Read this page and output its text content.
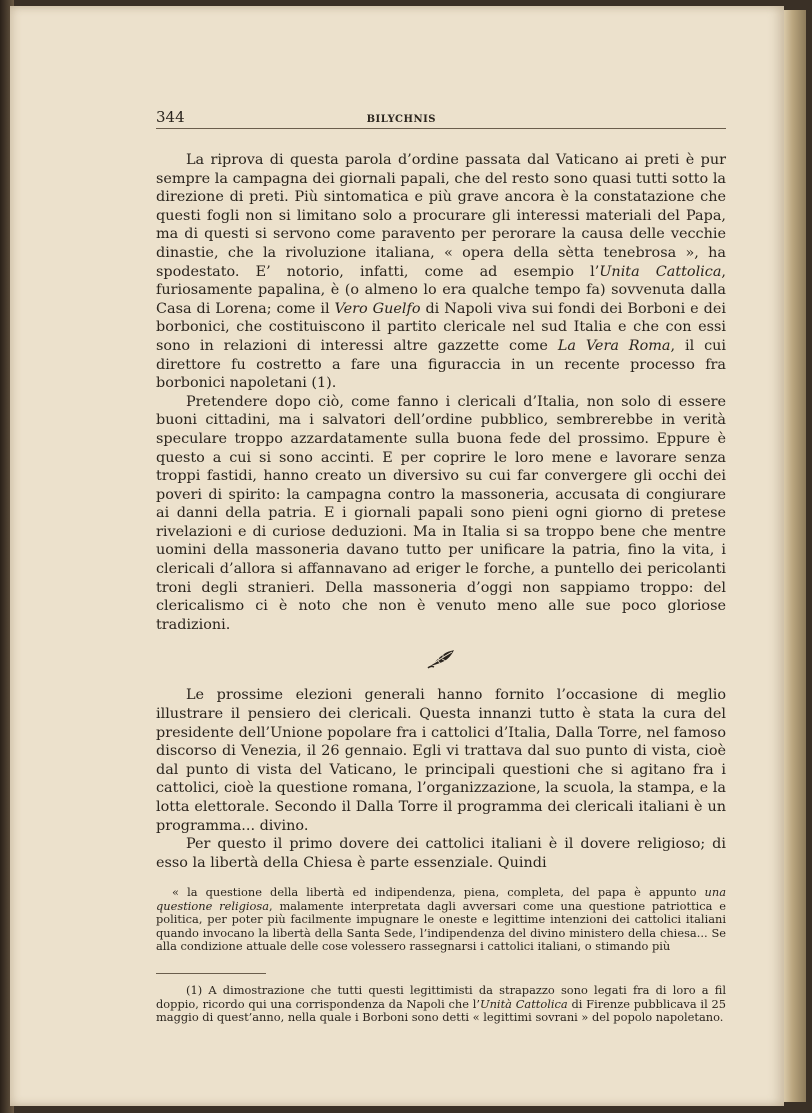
344	BILYCHNIS

La riprova di questa parola d’ordine passata dal Vaticano ai preti è pur sempre la campagna dei giornali papali, che del resto sono quasi tutti sotto la direzione di preti. Più sintomatica e più grave ancora è la constatazione che questi fogli non si limitano solo a procurare gli interessi materiali del Papa, ma di questi si servono come paravento per perorare la causa delle vecchie dinastie, che la rivoluzione italiana, « opera della sètta tenebrosa », ha spodestato. E’ notorio, infatti, come ad esempio l’Unita Cattolica, furiosamente papalina, è (o almeno lo era qualche tempo fa) sovvenuta dalla Casa di Lorena; come il Vero Guelfo di Napoli viva sui fondi dei Borboni e dei borbonici, che costituiscono il partito clericale nel sud Italia e che con essi sono in relazioni di interessi altre gazzette come La Vera Roma, il cui direttore fu costretto a fare una figuraccia in un recente processo fra borbonici napoletani (1).

Pretendere dopo ciò, come fanno i clericali d’Italia, non solo di essere buoni cittadini, ma i salvatori dell’ordine pubblico, sembrerebbe in verità speculare troppo azzardatamente sulla buona fede del prossimo. Eppure è questo a cui si sono accinti. E per coprire le loro mene e lavorare senza troppi fastidi, hanno creato un diversivo su cui far convergere gli occhi dei poveri di spirito: la campagna contro la massoneria, accusata di congiurare ai danni della patria. E i giornali papali sono pieni ogni giorno di pretese rivelazioni e di curiose deduzioni. Ma in Italia si sa troppo bene che mentre uomini della massoneria davano tutto per unificare la patria, fino la vita, i clericali d’allora si affannavano ad eriger le forche, a puntello dei pericolanti troni degli stranieri. Della massoneria d’oggi non sappiamo troppo: del clericalismo ci è noto che non è venuto meno alle sue poco gloriose tradizioni.

Le prossime elezioni generali hanno fornito l’occasione di meglio illustrare il pensiero dei clericali. Questa innanzi tutto è stata la cura del presidente dell’Unione popolare fra i cattolici d’Italia, Dalla Torre, nel famoso discorso di Venezia, il 26 gennaio. Egli vi trattava dal suo punto di vista, cioè dal punto di vista del Vaticano, le principali questioni che si agitano fra i cattolici, cioè la questione romana, l’organizzazione, la scuola, la stampa, e la lotta elettorale. Secondo il Dalla Torre il programma dei clericali italiani è un programma... divino.

Per questo il primo dovere dei cattolici italiani è il dovere religioso; di esso la libertà della Chiesa è parte essenziale. Quindi

« la questione della libertà ed indipendenza, piena, completa, del papa è appunto una questione religiosa, malamente interpretata dagli avversari come una questione patriottica e politica, per poter più facilmente impugnare le oneste e legittime intenzioni dei cattolici italiani quando invocano la libertà della Santa Sede, l’indipendenza del divino ministero della chiesa... Se alla condizione attuale delle cose volessero rassegnarsi i cattolici italiani, o stimando più
(1) A dimostrazione che tutti questi legittimisti da strapazzo sono legati fra di loro a fil doppio, ricordo qui una corrispondenza da Napoli che l’Unità Cattolica di Firenze pubblicava il 25 maggio di quest’anno, nella quale i Borboni sono detti « legittimi sovrani » del popolo napoletano.
